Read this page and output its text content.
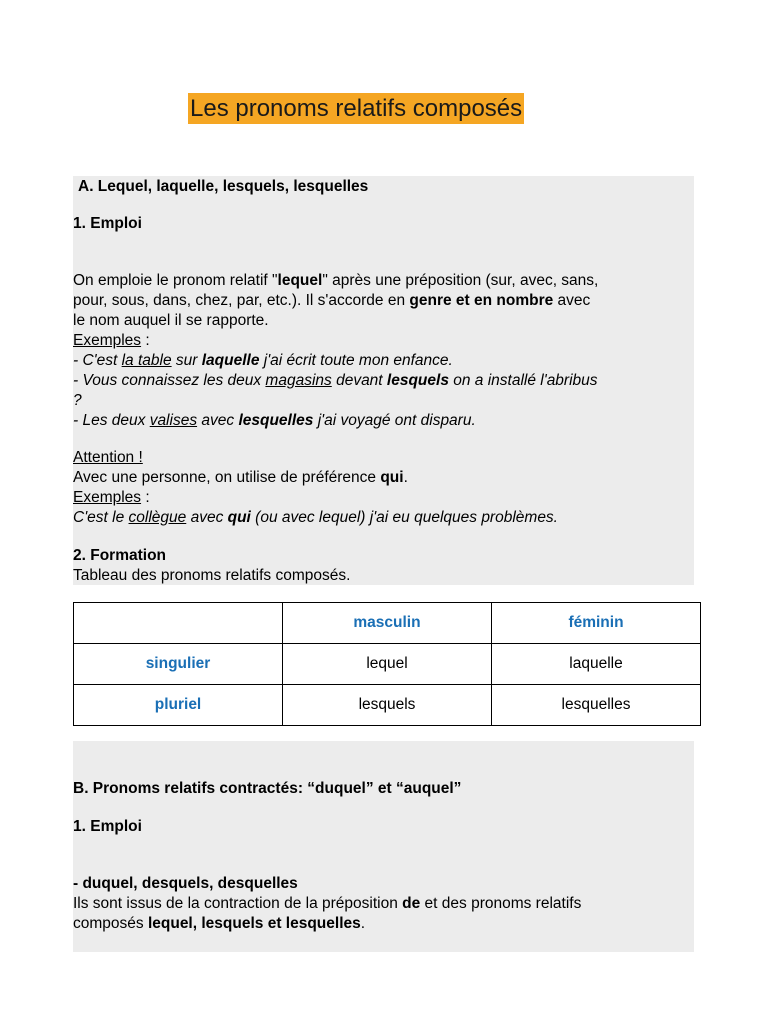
Les pronoms relatifs composés
A. Lequel, laquelle, lesquels, lesquelles
1. Emploi
On emploie le pronom relatif "lequel" après une préposition (sur, avec, sans,
pour, sous, dans, chez, par, etc.). Il s'accorde en genre et en nombre avec
le nom auquel il se rapporte.
Exemples :
- C'est la table sur laquelle j'ai écrit toute mon enfance.
- Vous connaissez les deux magasins devant lesquels on a installé l'abribus
?
- Les deux valises avec lesquelles j'ai voyagé ont disparu.
Attention !
Avec une personne, on utilise de préférence qui.
Exemples :
C'est le collègue avec qui (ou avec lequel) j'ai eu quelques problèmes.
2. Formation
Tableau des pronoms relatifs composés.
	masculin	féminin
singulier	lequel	laquelle
pluriel	lesquels	lesquelles
B. Pronoms relatifs contractés: “duquel” et “auquel”
1. Emploi
- duquel, desquels, desquelles
Ils sont issus de la contraction de la préposition de et des pronoms relatifs
composés lequel, lesquels et lesquelles.
